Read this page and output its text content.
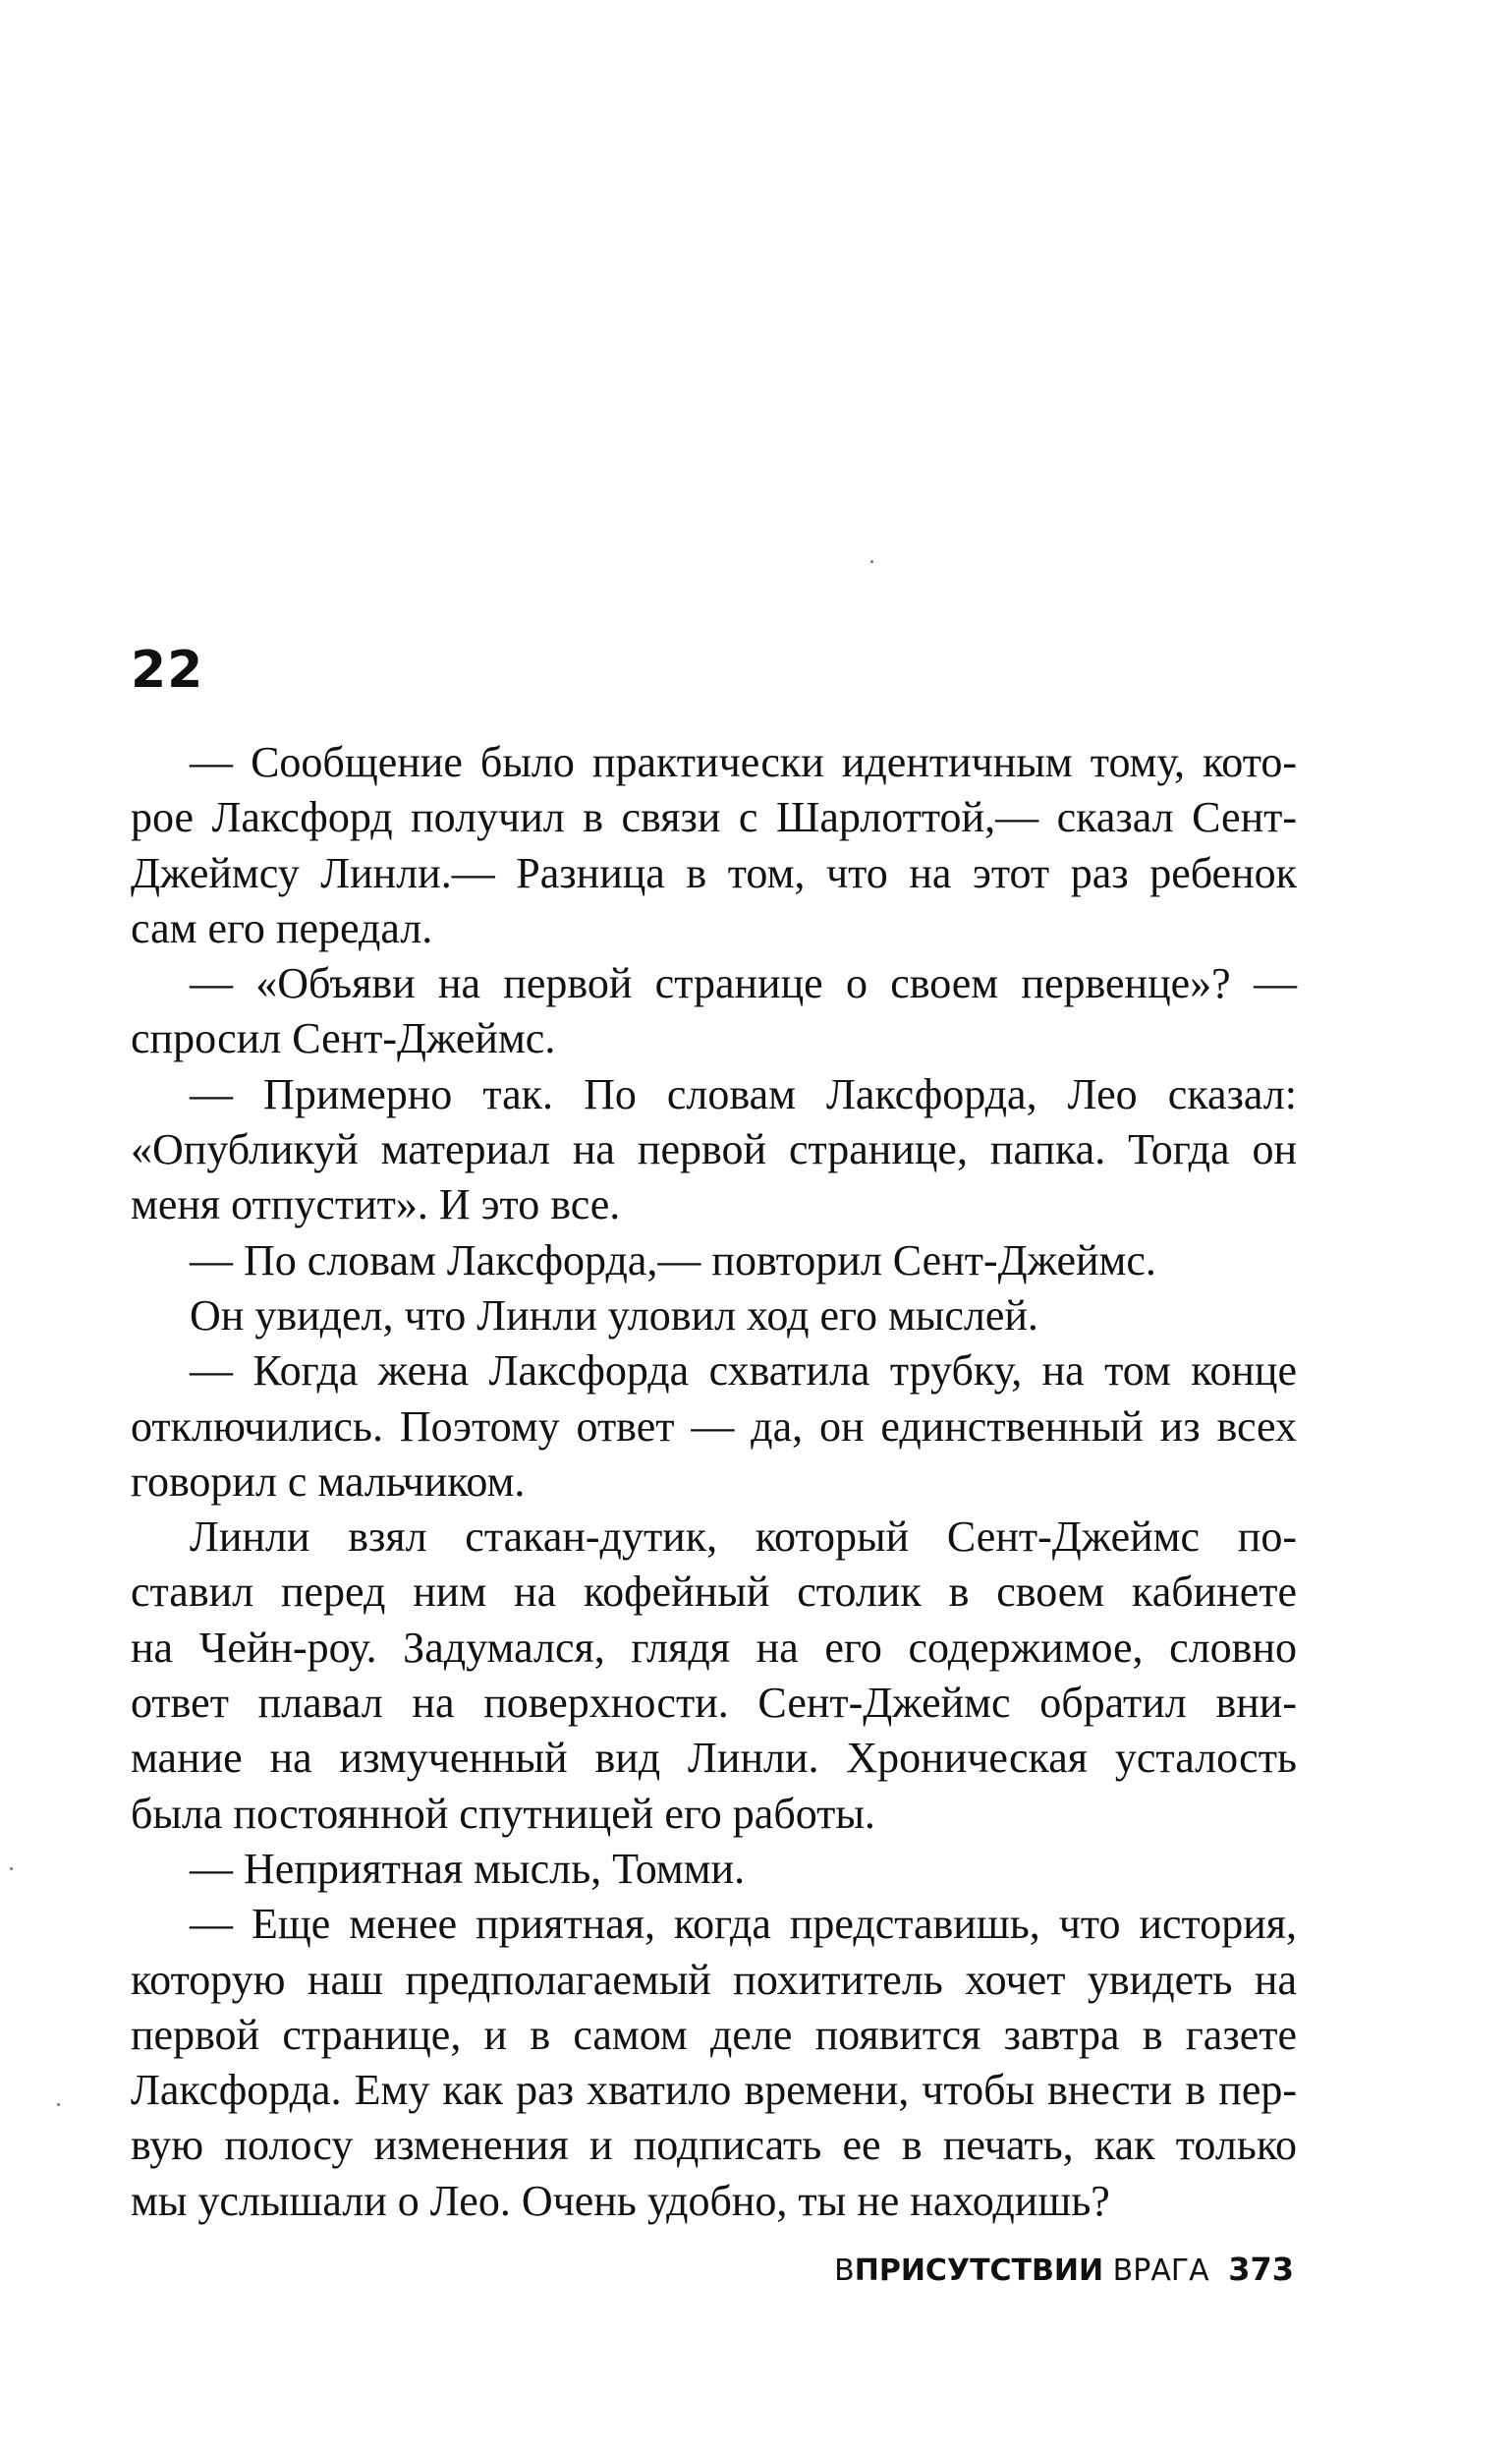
22
— Сообщение было практически идентичным тому, кото-
рое Лаксфорд получил в связи с Шарлоттой,— сказал Сент-
Джеймсу Линли.— Разница в том, что на этот раз ребенок
сам его передал.
— «Объяви на первой странице о своем первенце»? —
спросил Сент-Джеймс.
— Примерно так. По словам Лаксфорда, Лео сказал:
«Опубликуй материал на первой странице, папка. Тогда он
меня отпустит». И это все.
— По словам Лаксфорда,— повторил Сент-Джеймс.
Он увидел, что Линли уловил ход его мыслей.
— Когда жена Лаксфорда схватила трубку, на том конце
отключились. Поэтому ответ — да, он единственный из всех
говорил с мальчиком.
Линли взял стакан-дутик, который Сент-Джеймс по-
ставил перед ним на кофейный столик в своем кабинете
на Чейн-роу. Задумался, глядя на его содержимое, словно
ответ плавал на поверхности. Сент-Джеймс обратил вни-
мание на измученный вид Линли. Хроническая усталость
была постоянной спутницей его работы.
— Неприятная мысль, Томми.
— Еще менее приятная, когда представишь, что история,
которую наш предполагаемый похититель хочет увидеть на
первой странице, и в самом деле появится завтра в газете
Лаксфорда. Ему как раз хватило времени, чтобы внести в пер-
вую полосу изменения и подписать ее в печать, как только
мы услышали о Лео. Очень удобно, ты не находишь?
ВПРИСУТСТВИИ ВРАГА 373
